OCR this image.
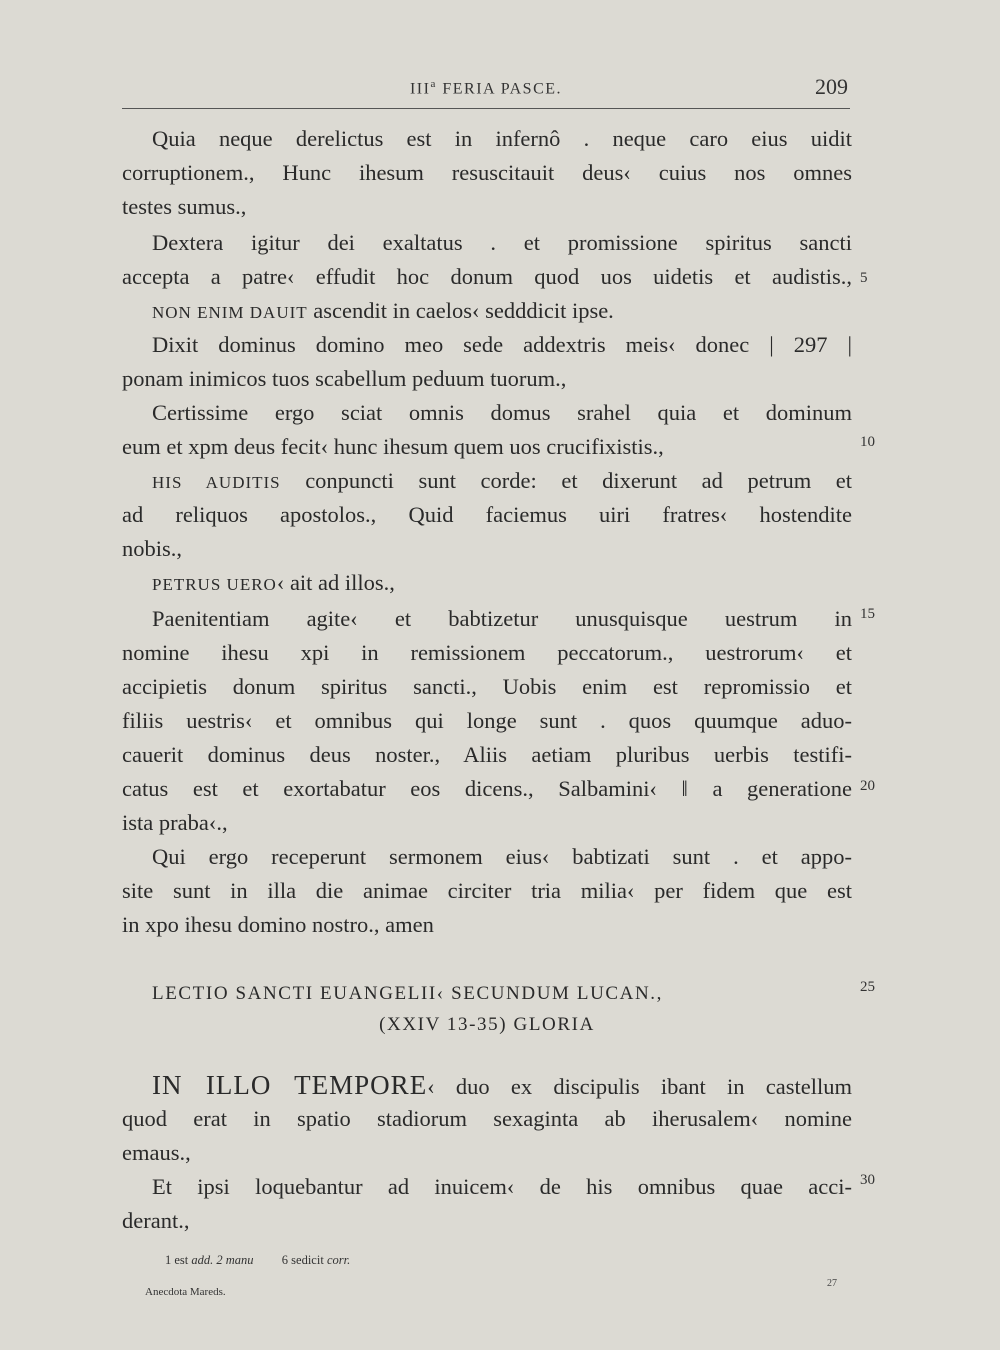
III$^a$ FERIA PASCE.	209
Quia neque derelictus est in infernô . neque caro eius uidit
corruptionem., Hunc ihesum resuscitauit deus‹ cuius nos omnes
testes sumus.,
Dextera igitur dei exaltatus . et promissione spiritus sancti
accepta a patre‹ effudit hoc donum quod uos uidetis et audistis.,
NON ENIM DAUIT ascendit in caelos‹ sedddicit ipse.
Dixit dominus domino meo sede addextris meis‹ donec | 297 |
ponam inimicos tuos scabellum peduum tuorum.,
Certissime ergo sciat omnis domus srahel quia et dominum
eum et xpm deus fecit‹ hunc ihesum quem uos crucifixistis.,
HIS AUDITIS conpuncti sunt corde: et dixerunt ad petrum et
ad reliquos apostolos., Quid faciemus uiri fratres‹ hostendite
nobis.,
PETRUS UERO‹ ait ad illos.,
Paenitentiam agite‹ et babtizetur unusquisque uestrum in
nomine ihesu xpi in remissionem peccatorum., uestrorum‹ et
accipietis donum spiritus sancti., Uobis enim est repromissio et
filiis uestris‹ et omnibus qui longe sunt . quos quumque aduo-
cauerit dominus deus noster., Aliis aetiam pluribus uerbis testifi-
catus est et exortabatur eos dicens., Salbamini‹ ‖ a generatione
ista praba‹.,
Qui ergo receperunt sermonem eius‹ babtizati sunt . et appo-
site sunt in illa die animae circiter tria milia‹ per fidem que est
in xpo ihesu domino nostro., amen
LECTIO SANCTI EUANGELII‹ SECUNDUM LUCAN.,
(XXIV 13-35) GLORIA
IN ILLO TEMPORE‹ duo ex discipulis ibant in castellum
quod erat in spatio stadiorum sexaginta ab iherusalem‹ nomine
emaus.,
Et ipsi loquebantur ad inuicem‹ de his omnibus quae acci-
derant.,
5
10
15
20
25
30
1 est add. 2 manu 6 sedicit corr.
Anecdota Mareds.
27
